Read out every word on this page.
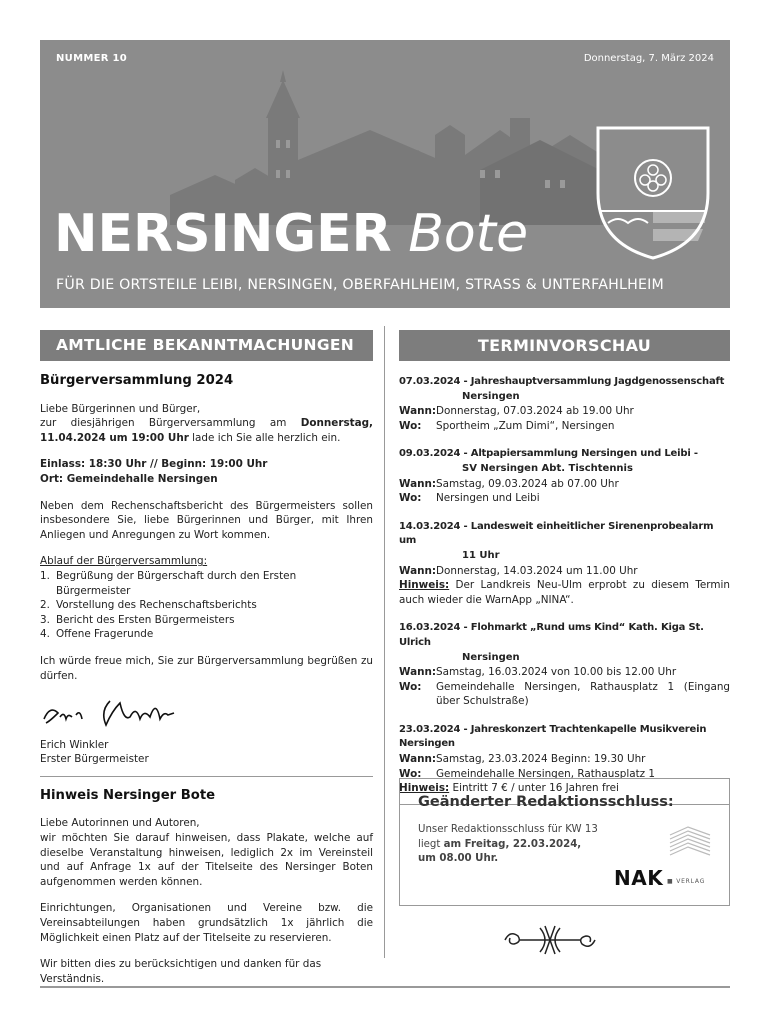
NUMMER 10	Donnerstag, 7. März 2024
NERSINGER Bote
FÜR DIE ORTSTEILE LEIBI, NERSINGEN, OBERFAHLHEIM, STRASS & UNTERFAHLHEIM
AMTLICHE BEKANNTMACHUNGEN
Bürgerversammlung 2024

Liebe Bürgerinnen und Bürger,
zur diesjährigen Bürgerversammlung am Donnerstag, 11.04.2024 um 19:00 Uhr lade ich Sie alle herzlich ein.

Einlass: 18:30 Uhr // Beginn: 19:00 Uhr

Ort: Gemeindehalle Nersingen

Neben dem Rechenschaftsbericht des Bürgermeisters sollen insbesondere Sie, liebe Bürgerinnen und Bürger, mit Ihren Anliegen und Anregungen zu Wort kommen.

Ablauf der Bürgerversammlung:

1. Begrüßung der Bürgerschaft durch den Ersten Bürgermeister
2. Vorstellung des Rechenschaftsberichts
3. Bericht des Ersten Bürgermeisters
4. Offene Fragerunde

Ich würde freue mich, Sie zur Bürgerversammlung begrüßen zu dürfen.

Erich Winkler

Erster Bürgermeister

Hinweis Nersinger Bote

Liebe Autorinnen und Autoren,
wir möchten Sie darauf hinweisen, dass Plakate, welche auf dieselbe Veranstaltung hinweisen, lediglich 2x im Vereinsteil und auf Anfrage 1x auf der Titelseite des Nersinger Boten aufgenommen werden können.

Einrichtungen, Organisationen und Vereine bzw. die Vereinsabteilungen haben grundsätzlich 1x jährlich die Möglichkeit einen Platz auf der Titelseite zu reservieren.

Wir bitten dies zu berücksichtigen und danken für das Verständnis.

TERMINVORSCHAU
07.03.2024 - Jahreshauptversammlung Jagdgenossenschaft
Nersingen
Wann: Donnerstag, 07.03.2024 ab 19.00 Uhr
Wo:	Sportheim „Zum Dimi“, Nersingen
09.03.2024 - Altpapiersammlung Nersingen und Leibi -
SV Nersingen Abt. Tischtennis
Wann: Samstag, 09.03.2024 ab 07.00 Uhr
Wo:	Nersingen und Leibi
14.03.2024 - Landesweit einheitlicher Sirenenprobealarm um
11 Uhr
Wann: Donnerstag, 14.03.2024 um 11.00 Uhr

Hinweis: Der Landkreis Neu-Ulm erprobt zu diesem Termin auch wieder die WarnApp „NINA“.

16.03.2024 - Flohmarkt „Rund ums Kind“ Kath. Kiga St. Ulrich
Nersingen
Wann: Samstag, 16.03.2024 von 10.00 bis 12.00 Uhr
Wo:	Gemeindehalle Nersingen, Rathausplatz 1 (Eingang über Schulstraße)
23.03.2024 - Jahreskonzert Trachtenkapelle Musikverein Nersingen
Wann: Samstag, 23.03.2024 Beginn: 19.30 Uhr
Wo:	Gemeindehalle Nersingen, Rathausplatz 1

Hinweis: Eintritt 7 € / unter 16 Jahren frei

Geänderter Redaktionsschluss:
Unser Redaktionsschluss für KW 13
liegt am Freitag, 22.03.2024,
um 08.00 Uhr.
NAK ■ VERLAG
